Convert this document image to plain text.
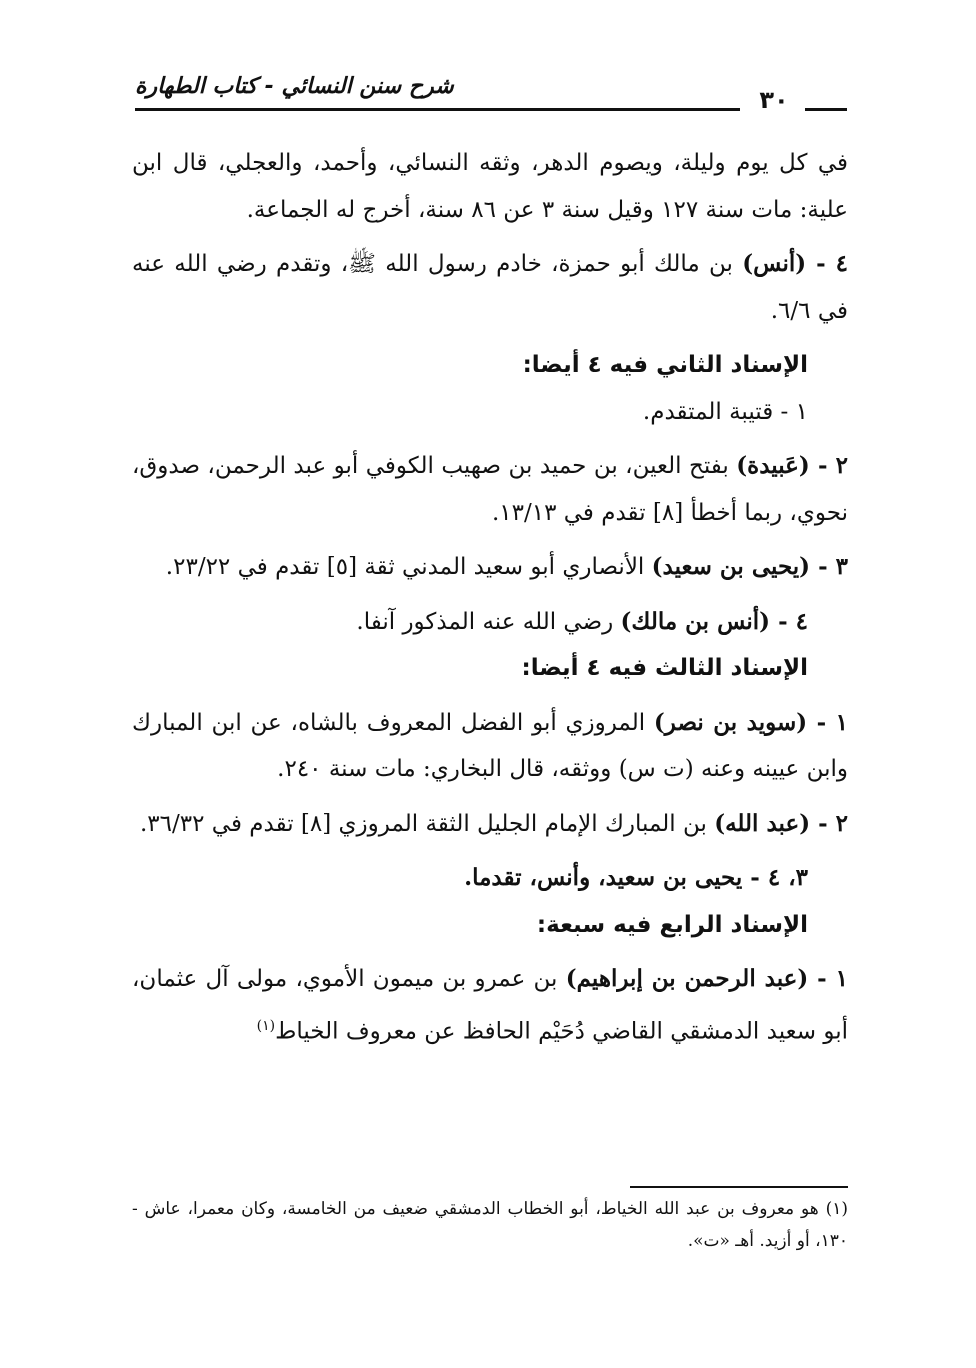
شرح سنن النسائي - كتاب الطهارة	٣٠

في كل يوم وليلة، ويصوم الدهر، وثقه النسائي، وأحمد، والعجلي، قال ابن علية: مات سنة ١٢٧ وقيل سنة ٣ عن ٨٦ سنة، أخرج له الجماعة.

٤ - (أنس) بن مالك أبو حمزة، خادم رسول الله ﷺ، وتقدم رضي الله عنه في ٦/٦.

الإسناد الثاني فيه ٤ أيضا:

١ - قتيبة المتقدم.

٢ - (عَبيدة) بفتح العين، بن حميد بن صهيب الكوفي أبو عبد الرحمن، صدوق، نحوي، ربما أخطأ [٨] تقدم في ١٣/١٣.

٣ - (يحيى بن سعيد) الأنصاري أبو سعيد المدني ثقة [٥] تقدم في ٢٣/٢٢.

٤ - (أنس بن مالك) رضي الله عنه المذكور آنفا.

الإسناد الثالث فيه ٤ أيضا:

١ - (سويد بن نصر) المروزي أبو الفضل المعروف بالشاه، عن ابن المبارك وابن عيينه وعنه (ت س) ووثقه، قال البخاري: مات سنة ٢٤٠.

٢ - (عبد الله) بن المبارك الإمام الجليل الثقة المروزي [٨] تقدم في ٣٦/٣٢.

٣، ٤ - يحيى بن سعيد، وأنس، تقدما.

الإسناد الرابع فيه سبعة:

١ - (عبد الرحمن بن إبراهيم) بن عمرو بن ميمون الأموي، مولى آل عثمان، أبو سعيد الدمشقي القاضي دُحَيْم الحافظ عن معروف الخياط$^{(١)}$

(١) هو معروف بن عبد الله الخياط، أبو الخطاب الدمشقي ضعيف من الخامسة، وكان معمرا، عاش - ١٣٠، أو أزيد. أهـ «ت».
